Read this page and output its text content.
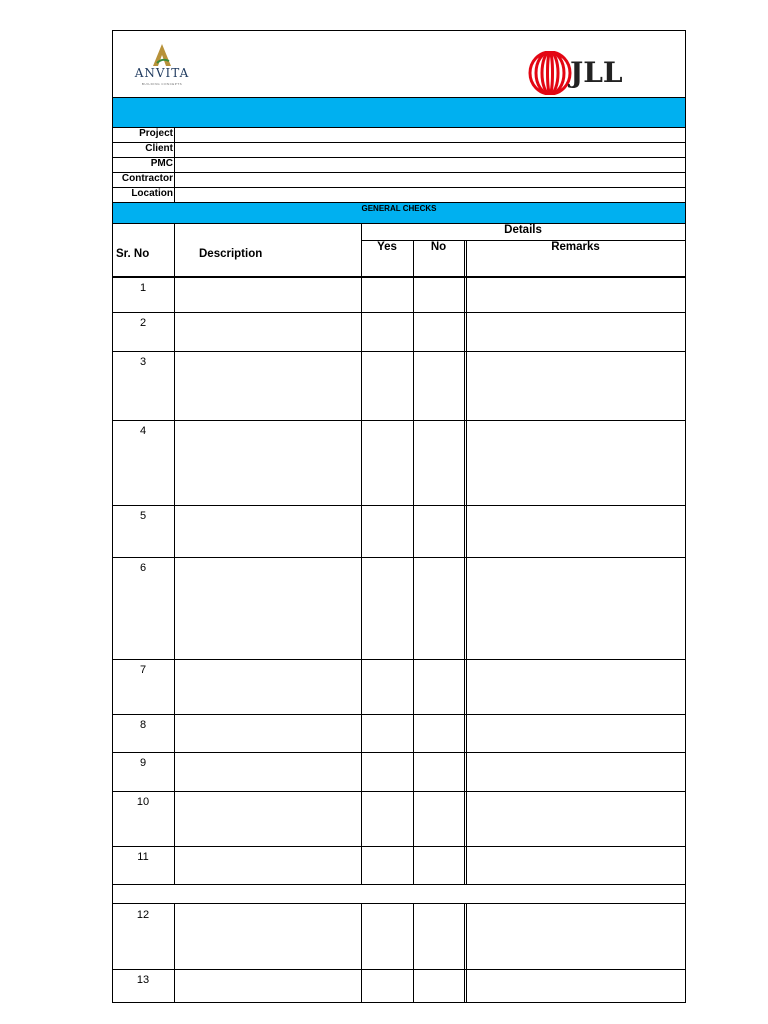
ANVITA
BUILDING CONCEPTS	JLL
Project
Client
PMC
Contractor
Location
GENERAL CHECKS
Details
Sr. No	Description
Yes	No	Remarks
1
2
3
4
5
6
7
8
9
10
11
12
13
